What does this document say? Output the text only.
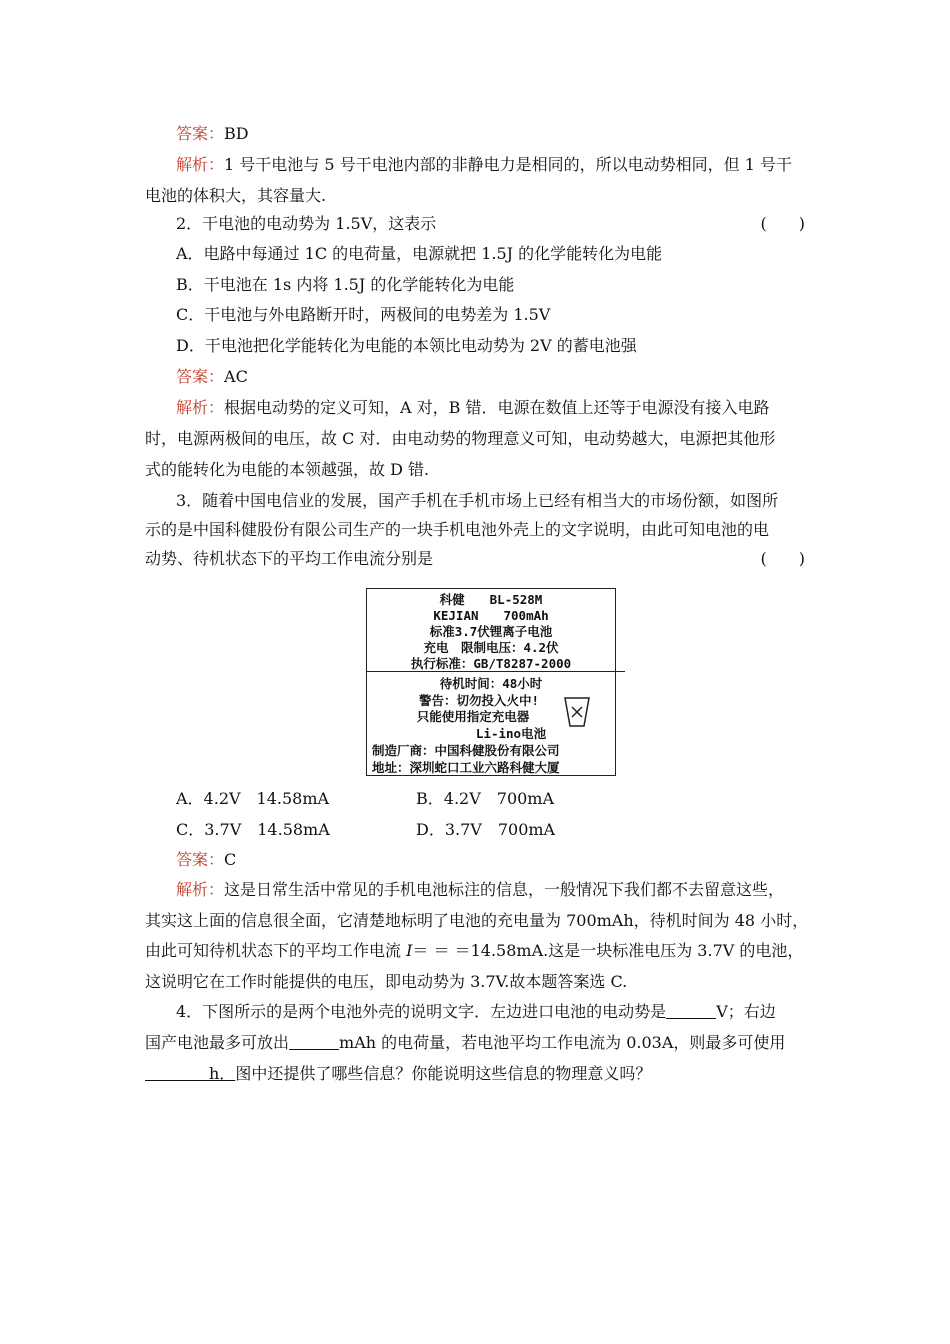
答案：BD
解析：1 号干电池与 5 号干电池内部的非静电力是相同的，所以电动势相同，但 1 号干
电池的体积大，其容量大.
2．干电池的电动势为 1.5V，这表示	(　　)
A．电路中每通过 1C 的电荷量，电源就把 1.5J 的化学能转化为电能
B．干电池在 1s 内将 1.5J 的化学能转化为电能
C．干电池与外电路断开时，两极间的电势差为 1.5V
D．干电池把化学能转化为电能的本领比电动势为 2V 的蓄电池强
答案：AC
解析：根据电动势的定义可知，A 对，B 错．电源在数值上还等于电源没有接入电路
时，电源两极间的电压，故 C 对．由电动势的物理意义可知，电动势越大，电源把其他形
式的能转化为电能的本领越强，故 D 错.
3．随着中国电信业的发展，国产手机在手机市场上已经有相当大的市场份额，如图所
示的是中国科健股份有限公司生产的一块手机电池外壳上的文字说明，由此可知电池的电
动势、待机状态下的平均工作电流分别是	(　　)
科健　　BL-528M
KEJIAN　　700mAh
标准3.7伏锂离子电池
充电　限制电压：4.2伏
执行标准：GB/T8287-2000
待机时间：48小时
警告：切勿投入火中!
只能使用指定充电器
Li-ino电池
制造厂商：中国科健股份有限公司
地址：深圳蛇口工业六路科健大厦
A．4.2V　14.58mA	B．4.2V　700mA
C．3.7V　14.58mA	D．3.7V　700mA
答案：C
解析：这是日常生活中常见的手机电池标注的信息，一般情况下我们都不去留意这些，
其实这上面的信息很全面，它清楚地标明了电池的充电量为 700mAh，待机时间为 48 小时，
由此可知待机状态下的平均工作电流 I＝ ＝ ＝14.58mA.这是一块标准电压为 3.7V 的电池，
这说明它在工作时能提供的电压，即电动势为 3.7V.故本题答案选 C.
4．下图所示的是两个电池外壳的说明文字．左边进口电池的电动势是	V；右边
国产电池最多可放出	mAh 的电荷量，若电池平均工作电流为 0.03A，则最多可使用
h．图中还提供了哪些信息？你能说明这些信息的物理意义吗？
